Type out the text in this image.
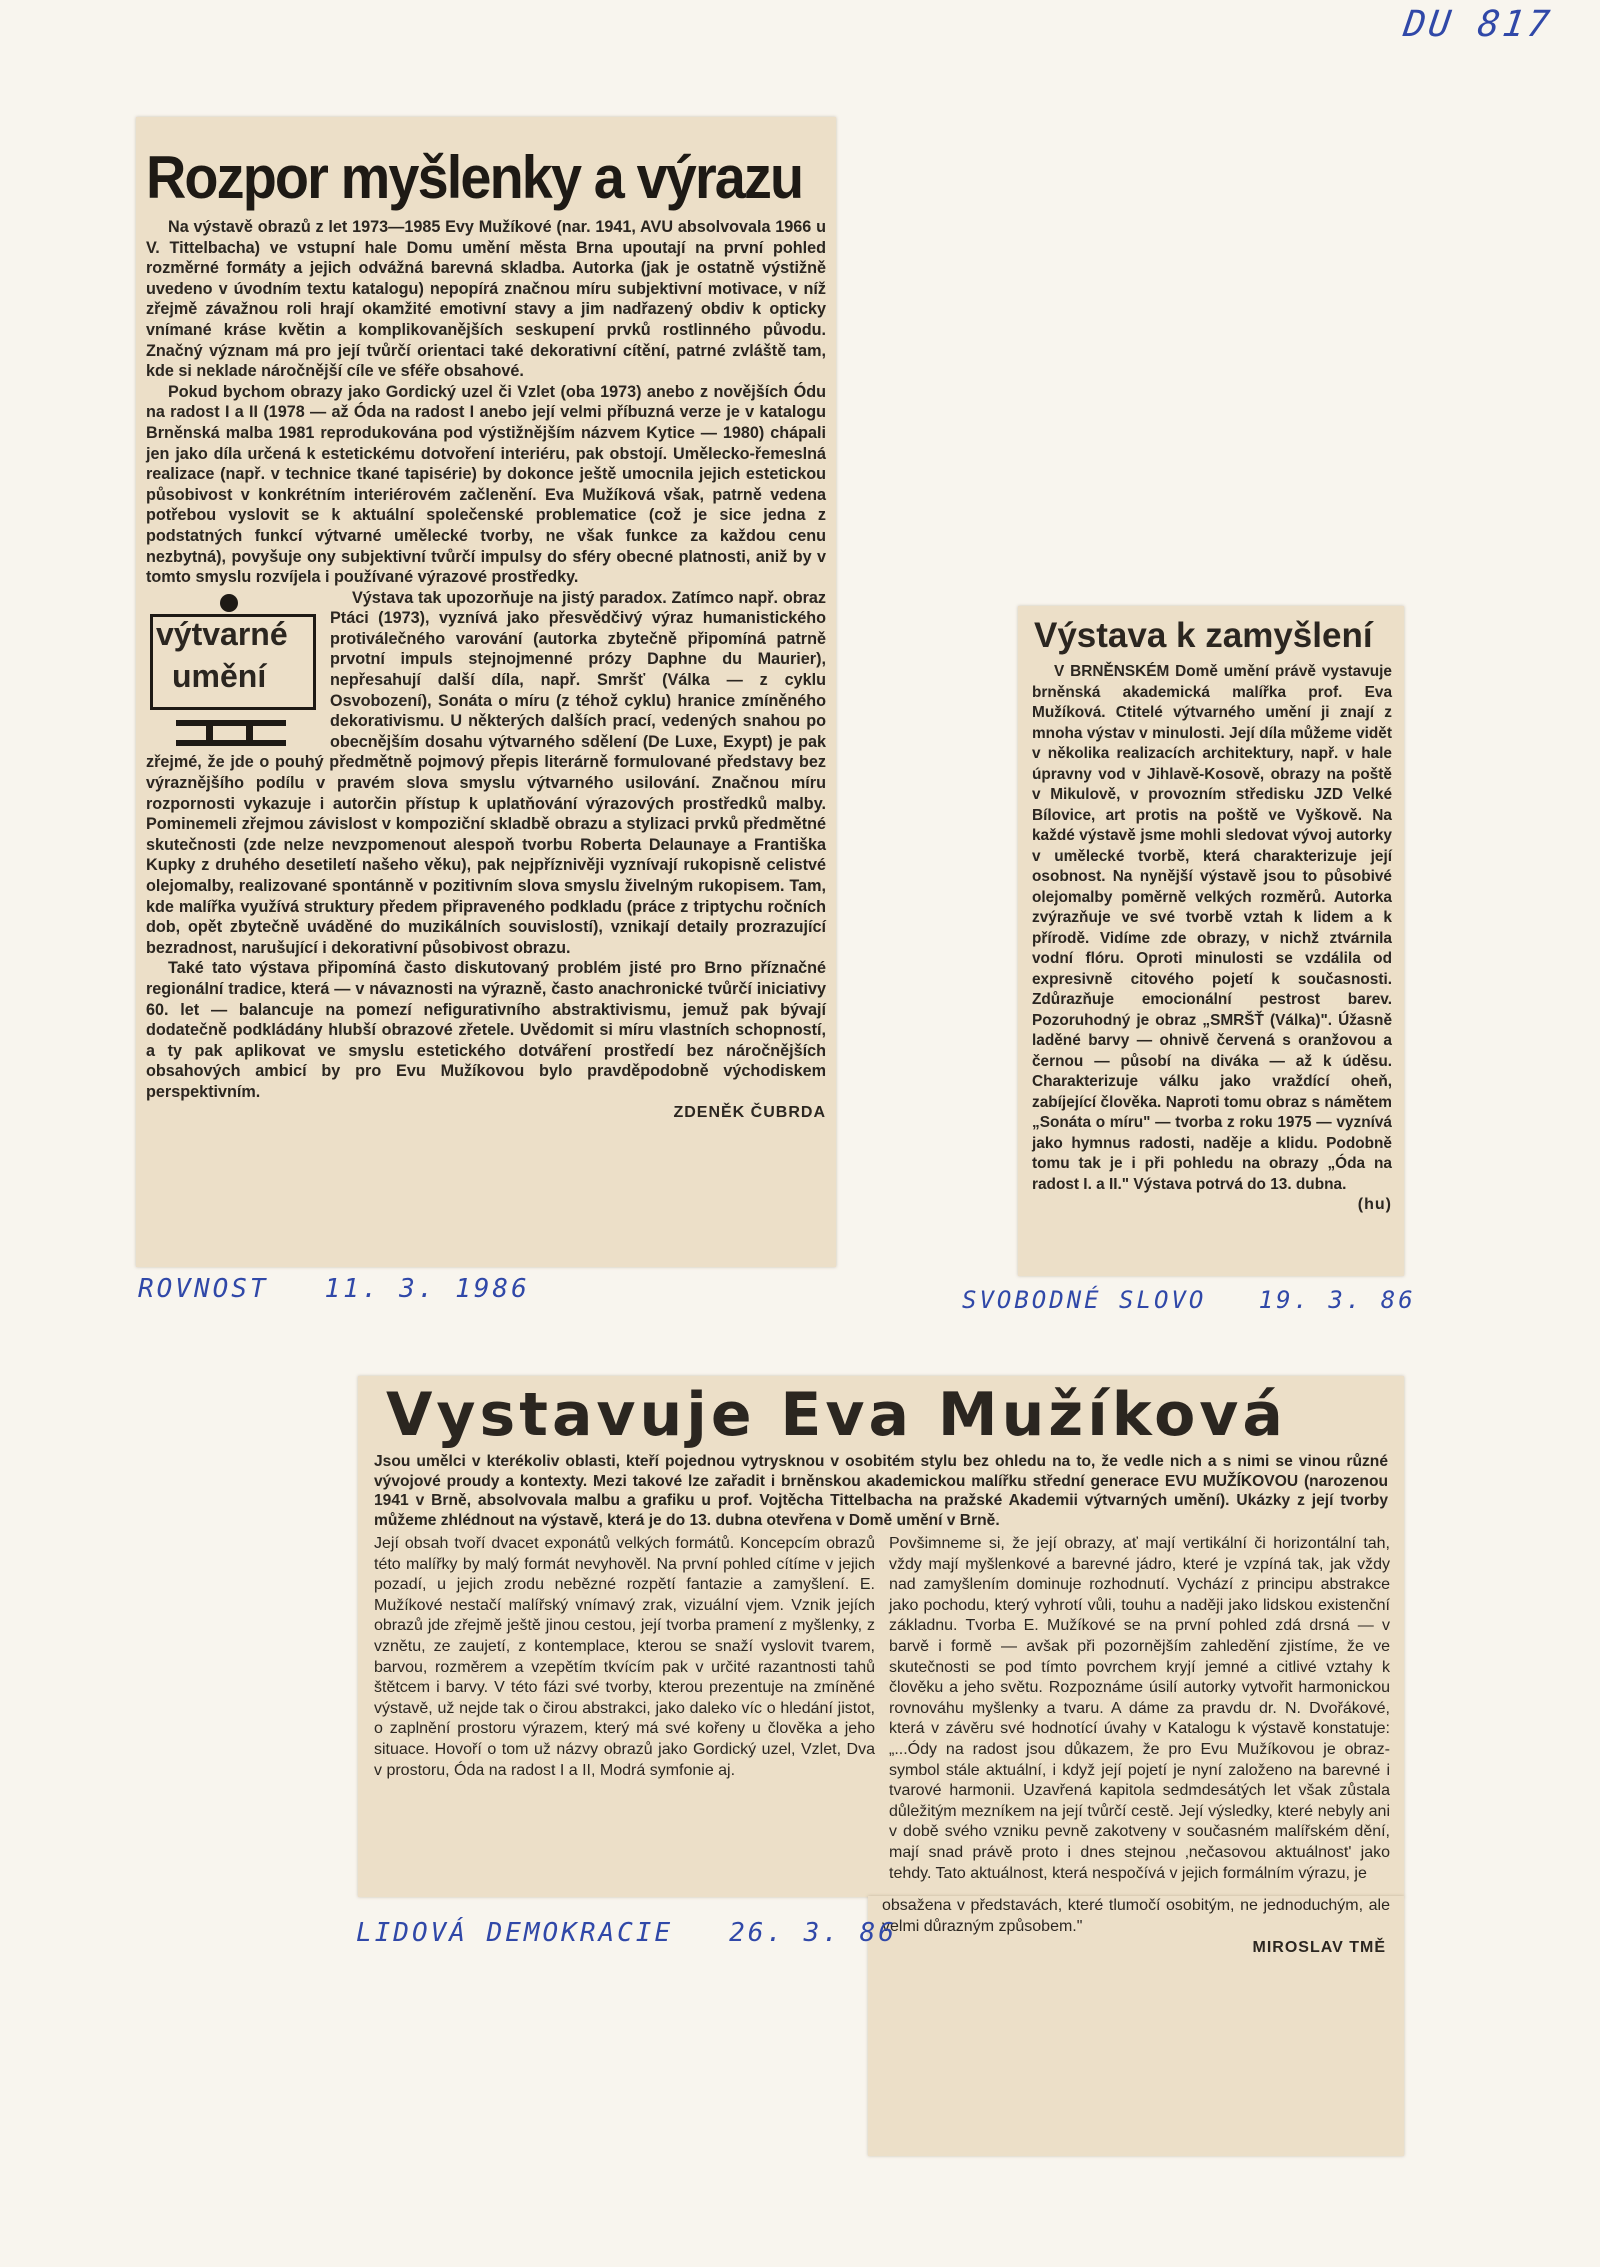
DU 817
Rozpor myšlenky a výrazu

Na výstavě obrazů z let 1973—1985 Evy Mužíkové (nar. 1941, AVU absolvovala 1966 u V. Tittelbacha) ve vstupní hale Domu umění města Brna upoutají na první pohled rozměrné formáty a jejich odvážná barevná skladba. Autorka (jak je ostatně výstižně uvedeno v úvodním textu katalogu) nepopírá značnou míru subjektivní motivace, v níž zřejmě závažnou roli hrají okamžité emotivní stavy a jim nadřazený obdiv k opticky vnímané kráse květin a komplikovanějších seskupení prvků rostlinného původu. Značný význam má pro její tvůrčí orientaci také dekorativní cítění, patrné zvláště tam, kde si neklade náročnější cíle ve sféře obsahové.

Pokud bychom obrazy jako Gordický uzel či Vzlet (oba 1973) anebo z novějších Ódu na radost I a II (1978 — až Óda na radost I anebo její velmi příbuzná verze je v katalogu Brněnská malba 1981 reprodukována pod výstižnějším názvem Kytice — 1980) chápali jen jako díla určená k estetickému dotvoření interiéru, pak obstojí. Umělecko-řemeslná realizace (např. v technice tkané tapisérie) by dokonce ještě umocnila jejich estetickou působivost v konkrétním interiérovém začlenění. Eva Mužíková však, patrně vedena potřebou vyslovit se k aktuální společenské problematice (což je sice jedna z podstatných funkcí výtvarné umělecké tvorby, ne však funkce za každou cenu nezbytná), povyšuje ony subjektivní tvůrčí impulsy do sféry obecné platnosti, aniž by v tomto smyslu rozvíjela i používané výrazové prostředky.

výtvarné
umění

Výstava tak upozorňuje na jistý paradox. Zatímco např. obraz Ptáci (1973), vyznívá jako přesvědčivý výraz humanistického protiválečného varování (autorka zbytečně připomíná patrně prvotní impuls stejnojmenné prózy Daphne du Maurier), nepřesahují další díla, např. Smršť (Válka — z cyklu Osvobození), Sonáta o míru (z téhož cyklu) hranice zmíněného dekorativismu. U některých dalších prací, vedených snahou po obecnějším dosahu výtvarného sdělení (De Luxe, Exypt) je pak zřejmé, že jde o pouhý předmětně pojmový přepis literárně formulované představy bez výraznějšího podílu v pravém slova smyslu výtvarného usilování. Značnou míru rozpornosti vykazuje i autorčin přístup k uplatňování výrazových prostředků malby. Pominemeli zřejmou závislost v kompoziční skladbě obrazu a stylizaci prvků předmětné skutečnosti (zde nelze nevzpomenout alespoň tvorbu Roberta Delaunaye a Františka Kupky z druhého desetiletí našeho věku), pak nejpříznivěji vyznívají rukopisně celistvé olejomalby, realizované spontánně v pozitivním slova smyslu živelným rukopisem. Tam, kde malířka využívá struktury předem připraveného podkladu (práce z triptychu ročních dob, opět zbytečně uváděné do muzikálních souvislostí), vznikají detaily prozrazující bezradnost, narušující i dekorativní působivost obrazu.

Také tato výstava připomíná často diskutovaný problém jisté pro Brno příznačné regionální tradice, která — v návaznosti na výrazně, často anachronické tvůrčí iniciativy 60. let — balancuje na pomezí nefigurativního abstraktivismu, jemuž pak bývají dodatečně podkládány hlubší obrazové zřetele. Uvědomit si míru vlastních schopností, a ty pak aplikovat ve smyslu estetického dotváření prostředí bez náročnějších obsahových ambicí by pro Evu Mužíkovou bylo pravděpodobně východiskem perspektivním.

ZDENĚK ČUBRDA
ROVNOST   11. 3. 1986
Výstava k zamyšlení

V BRNĚNSKÉM Domě umění právě vystavuje brněnská akademická malířka prof. Eva Mužíková. Ctitelé výtvarného umění ji znají z mnoha výstav v minulosti. Její díla můžeme vidět v několika realizacích architektury, např. v hale úpravny vod v Jihlavě-Kosově, obrazy na poště v Mikulově, v provozním středisku JZD Velké Bílovice, art protis na poště ve Vyškově. Na každé výstavě jsme mohli sledovat vývoj autorky v umělecké tvorbě, která charakterizuje její osobnost. Na nynější výstavě jsou to působivé olejomalby poměrně velkých rozměrů. Autorka zvýrazňuje ve své tvorbě vztah k lidem a k přírodě. Vidíme zde obrazy, v nichž ztvárnila vodní flóru. Oproti minulosti se vzdálila od expresivně citového pojetí k současnosti. Zdůrazňuje emocionální pestrost barev. Pozoruhodný je obraz „SMRŠŤ (Válka)". Úžasně laděné barvy — ohnivě červená s oranžovou a černou — působí na diváka — až k úděsu. Charakterizuje válku jako vraždící oheň, zabíjející člověka. Naproti tomu obraz s námětem „Sonáta o míru" — tvorba z roku 1975 — vyznívá jako hymnus radosti, naděje a klidu. Podobně tomu tak je i při pohledu na obrazy „Óda na radost I. a II." Výstava potrvá do 13. dubna.

(hu)
SVOBODNÉ SLOVO   19. 3. 86
Vystavuje Eva Mužíková
Jsou umělci v kterékoliv oblasti, kteří pojednou vytrysknou v osobitém stylu bez ohledu na to, že vedle nich a s nimi se vinou různé vývojové proudy a kontexty. Mezi takové lze zařadit i brněnskou akademickou malířku střední generace EVU MUŽÍKOVOU (narozenou 1941 v Brně, absolvovala malbu a grafiku u prof. Vojtěcha Tittelbacha na pražské Akademii výtvarných umění). Ukázky z její tvorby můžeme zhlédnout na výstavě, která je do 13. dubna otevřena v Domě umění v Brně.
Její obsah tvoří dvacet exponátů velkých formátů. Koncepcím obrazů této malířky by malý formát nevyhověl. Na první pohled cítíme v jejich pozadí, u jejich zrodu nebězné rozpětí fantazie a zamyšlení. E. Mužíkové nestačí malířský vnímavý zrak, vizuální vjem. Vznik jejích obrazů jde zřejmě ještě jinou cestou, její tvorba pramení z myšlenky, z vznětu, ze zaujetí, z kontemplace, kterou se snaží vyslovit tvarem, barvou, rozměrem a vzepětím tkvícím pak v určité razantnosti tahů štětcem i barvy. V této fázi své tvorby, kterou prezentuje na zmíněné výstavě, už nejde tak o čirou abstrakci, jako daleko víc o hledání jistot, o zaplnění prostoru výrazem, který má své kořeny u člověka a jeho situace. Hovoří o tom už názvy obrazů jako Gordický uzel, Vzlet, Dva v prostoru, Óda na radost I a II, Modrá symfonie aj.
Povšimneme si, že její obrazy, ať mají vertikální či horizontální tah, vždy mají myšlenkové a barevné jádro, které je vzpíná tak, jak vždy nad zamyšlením dominuje rozhodnutí. Vychází z principu abstrakce jako pochodu, který vyhrotí vůli, touhu a naději jako lidskou existenční základnu. Tvorba E. Mužíkové se na první pohled zdá drsná — v barvě i formě — avšak při pozornějším zahledění zjistíme, že ve skutečnosti se pod tímto povrchem kryjí jemné a citlivé vztahy k člověku a jeho světu. Rozpoznáme úsilí autorky vytvořit harmonickou rovnováhu myšlenky a tvaru. A dáme za pravdu dr. N. Dvořákové, která v závěru své hodnotící úvahy v Katalogu k výstavě konstatuje: „...Ódy na radost jsou důkazem, že pro Evu Mužíkovou je obraz-symbol stále aktuální, i když její pojetí je nyní založeno na barevné i tvarové harmonii. Uzavřená kapitola sedmdesátých let však zůstala důležitým mezníkem na její tvůrčí cestě. Její výsledky, které nebyly ani v době svého vzniku pevně zakotveny v současném malířském dění, mají snad právě proto i dnes stejnou ‚nečasovou aktuálnost' jako tehdy. Tato aktuálnost, která nespočívá v jejich formálním výrazu, je
obsažena v představách, které tlumočí osobitým, ne jednoduchým, ale velmi důrazným způsobem."
MIROSLAV TMĚ
LIDOVÁ DEMOKRACIE   26. 3. 86
